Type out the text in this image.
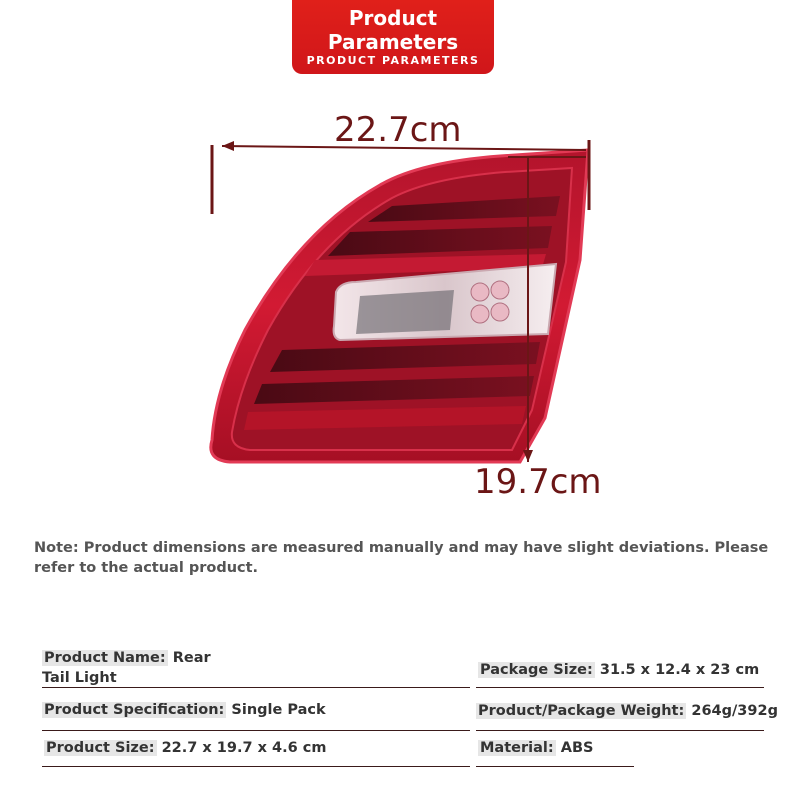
Product
Parameters
PRODUCT PARAMETERS
22.7cm
19.7cm
Note: Product dimensions are measured manually and may have slight deviations. Please refer to the actual product.
Product Name: Rear Tail Light	Package Size: 31.5 x 12.4 x 23 cm
Product Specification: Single Pack	Product/Package Weight: 264g/392g
Product Size: 22.7 x 19.7 x 4.6 cm	Material: ABS
